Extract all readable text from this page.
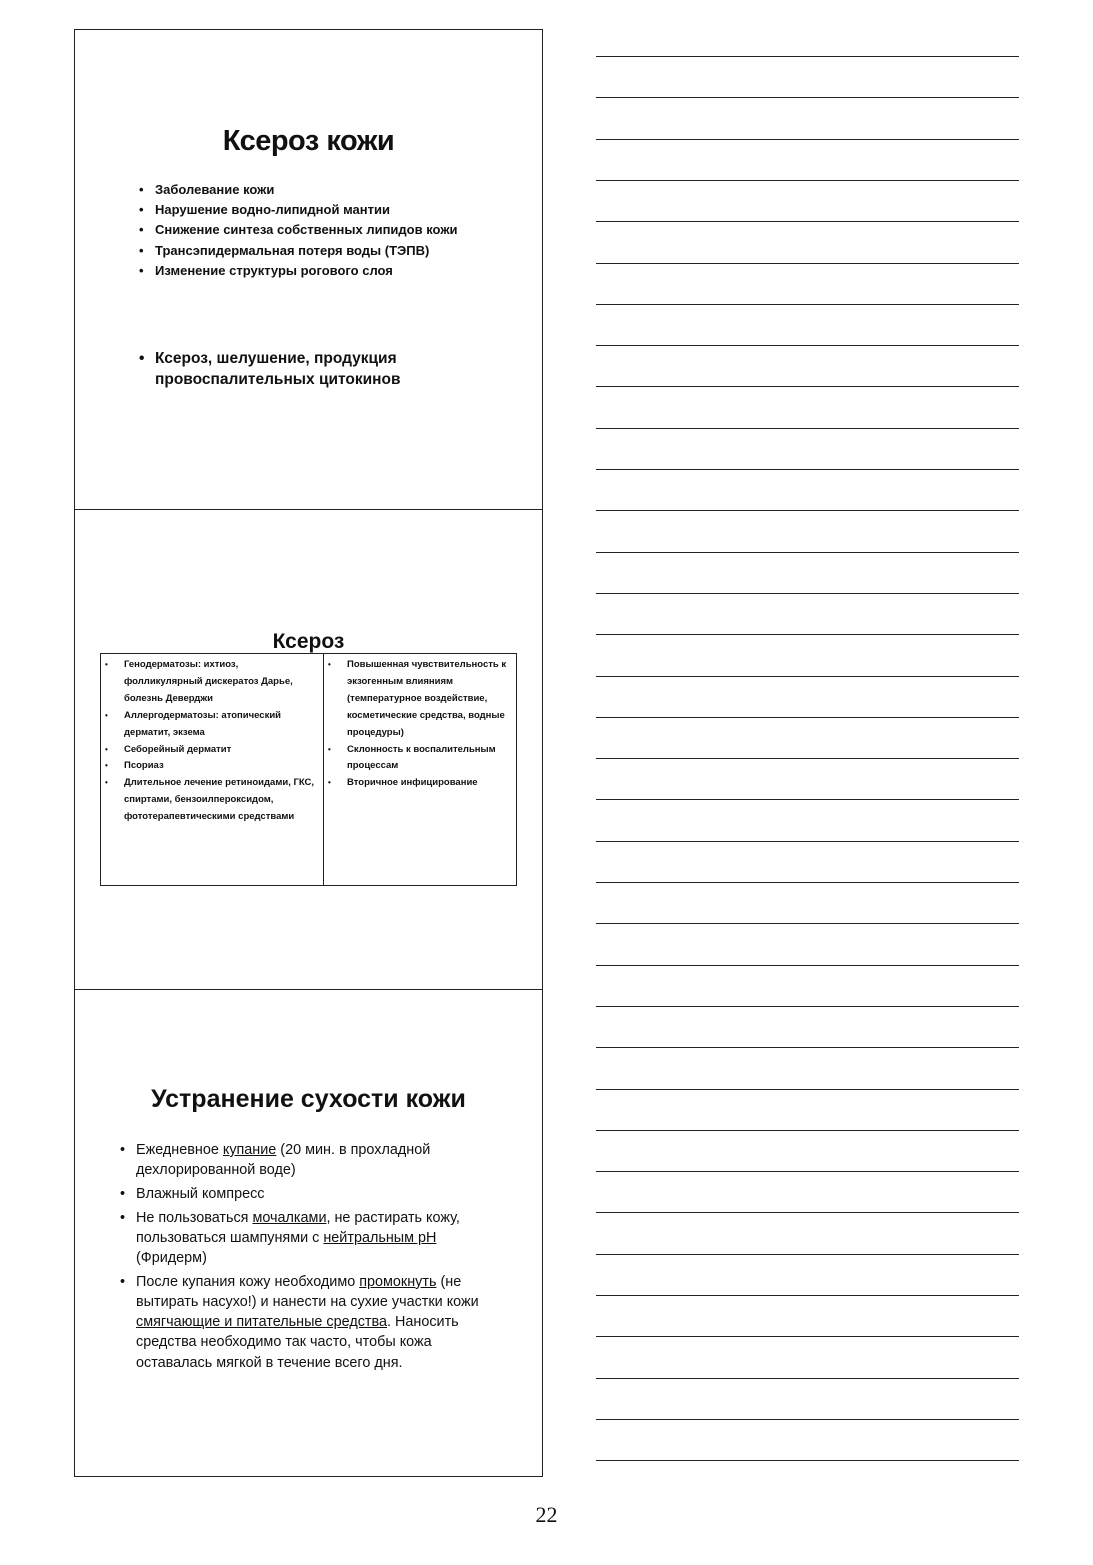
Ксероз кожи
• Заболевание кожи
• Нарушение водно-липидной мантии
• Снижение синтеза собственных липидов кожи
• Трансэпидермальная потеря воды (ТЭПВ)
• Изменение структуры рогового слоя
• Ксероз, шелушение, продукция провоспалительных цитокинов
Ксероз
• Генодерматозы: ихтиоз, фолликулярный дискератоз Дарье, болезнь Деверджи
• Аллергодерматозы: атопический дерматит, экзема
• Себорейный дерматит
• Псориаз
• Длительное лечение ретиноидами, ГКС, спиртами, бензоилпероксидом, фототерапевтическими средствами
• Повышенная чувствительность к экзогенным влияниям (температурное воздействие, косметические средства, водные процедуры)
• Склонность к воспалительным процессам
• Вторичное инфицирование
Устранение сухости кожи
• Ежедневное купание (20 мин. в прохладной дехлорированной воде)
• Влажный компресс
• Не пользоваться мочалками, не растирать кожу, пользоваться шампунями с нейтральным pH (Фридерм)
• После купания кожу необходимо промокнуть (не вытирать насухо!) и нанести на сухие участки кожи смягчающие и питательные средства. Наносить средства необходимо так часто, чтобы кожа оставалась мягкой в течение всего дня.
22
